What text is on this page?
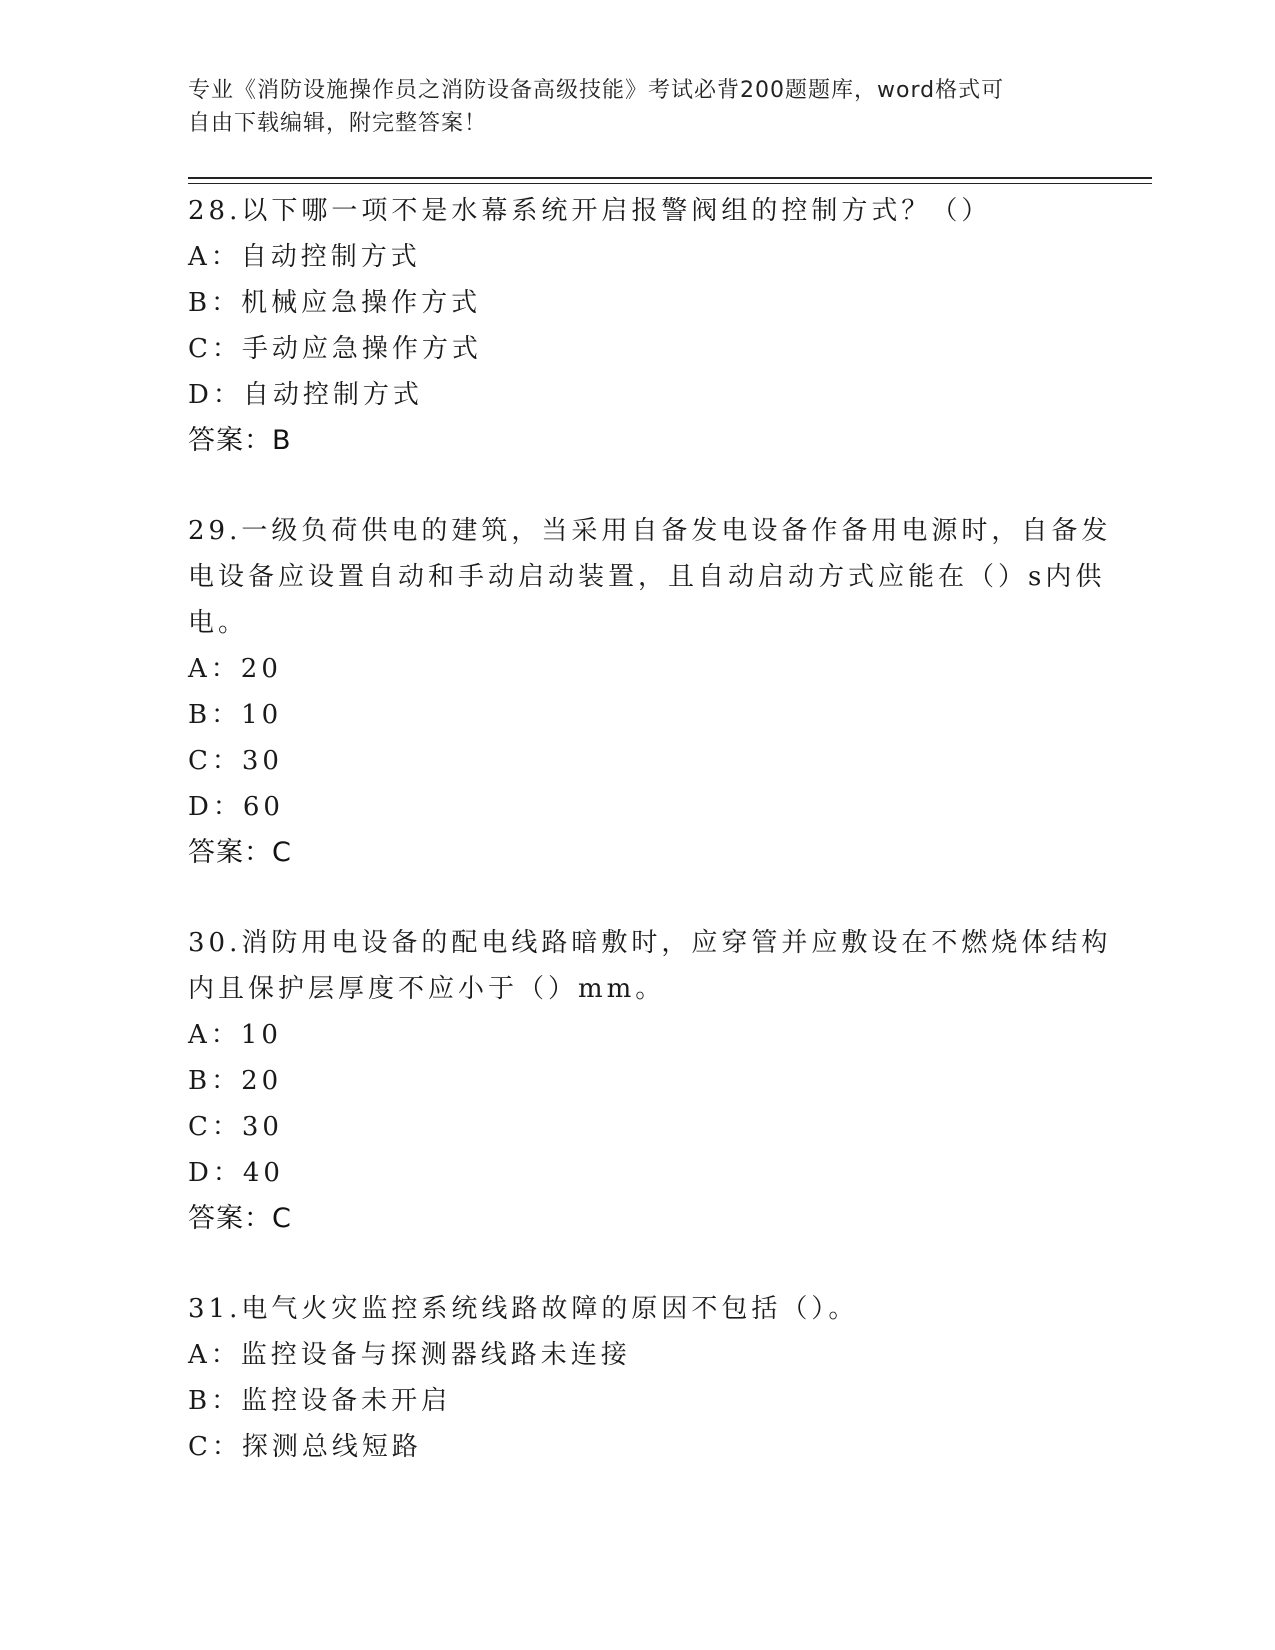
专业《消防设施操作员之消防设备高级技能》考试必背200题题库，word格式可
自由下载编辑，附完整答案！
28.以下哪一项不是水幕系统开启报警阀组的控制方式？（）
A：自动控制方式
B：机械应急操作方式
C：手动应急操作方式
D：自动控制方式
答案：B
29.一级负荷供电的建筑，当采用自备发电设备作备用电源时，自备发
电设备应设置自动和手动启动装置，且自动启动方式应能在（）s内供
电。
A：20
B：10
C：30
D：60
答案：C
30.消防用电设备的配电线路暗敷时，应穿管并应敷设在不燃烧体结构
内且保护层厚度不应小于（）mm。
A：10
B：20
C：30
D：40
答案：C
31.电气火灾监控系统线路故障的原因不包括（）。
A：监控设备与探测器线路未连接
B：监控设备未开启
C：探测总线短路
